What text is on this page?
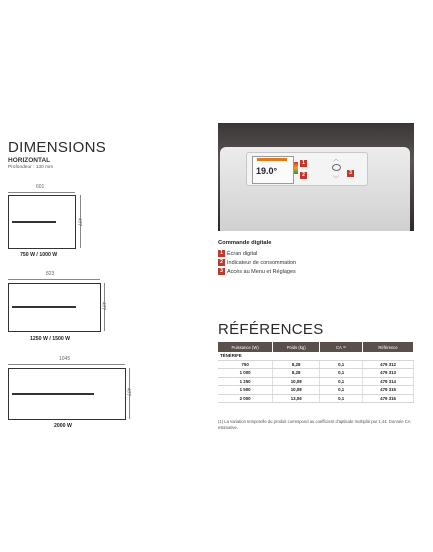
DIMENSIONS
HORIZONTAL
Profondeur : 130 mm
601
477
750 W / 1000 W
823
477
1250 W / 1500 W
1045
477
2000 W
19.0°
1
2
︿
﹀
3
Commande digitale
1 Écran digital
2 Indicateur de consommation
3 Accès au Menu et Réglages
RÉFÉRENCES
Puissance (W)	Poids (kg)	CA ⁽¹⁾	Référence
TÉNÉRIFE			
750	8,28	0,1	479 312
1 000	8,28	0,1	479 313
1 250	10,08	0,1	479 314
1 500	10,08	0,1	479 315
2 000	13,06	0,1	479 316
(1) La variation temporelle du produit correspond au coefficient d'aptitude multiplié par 1,44. Donnée CA estimative.
